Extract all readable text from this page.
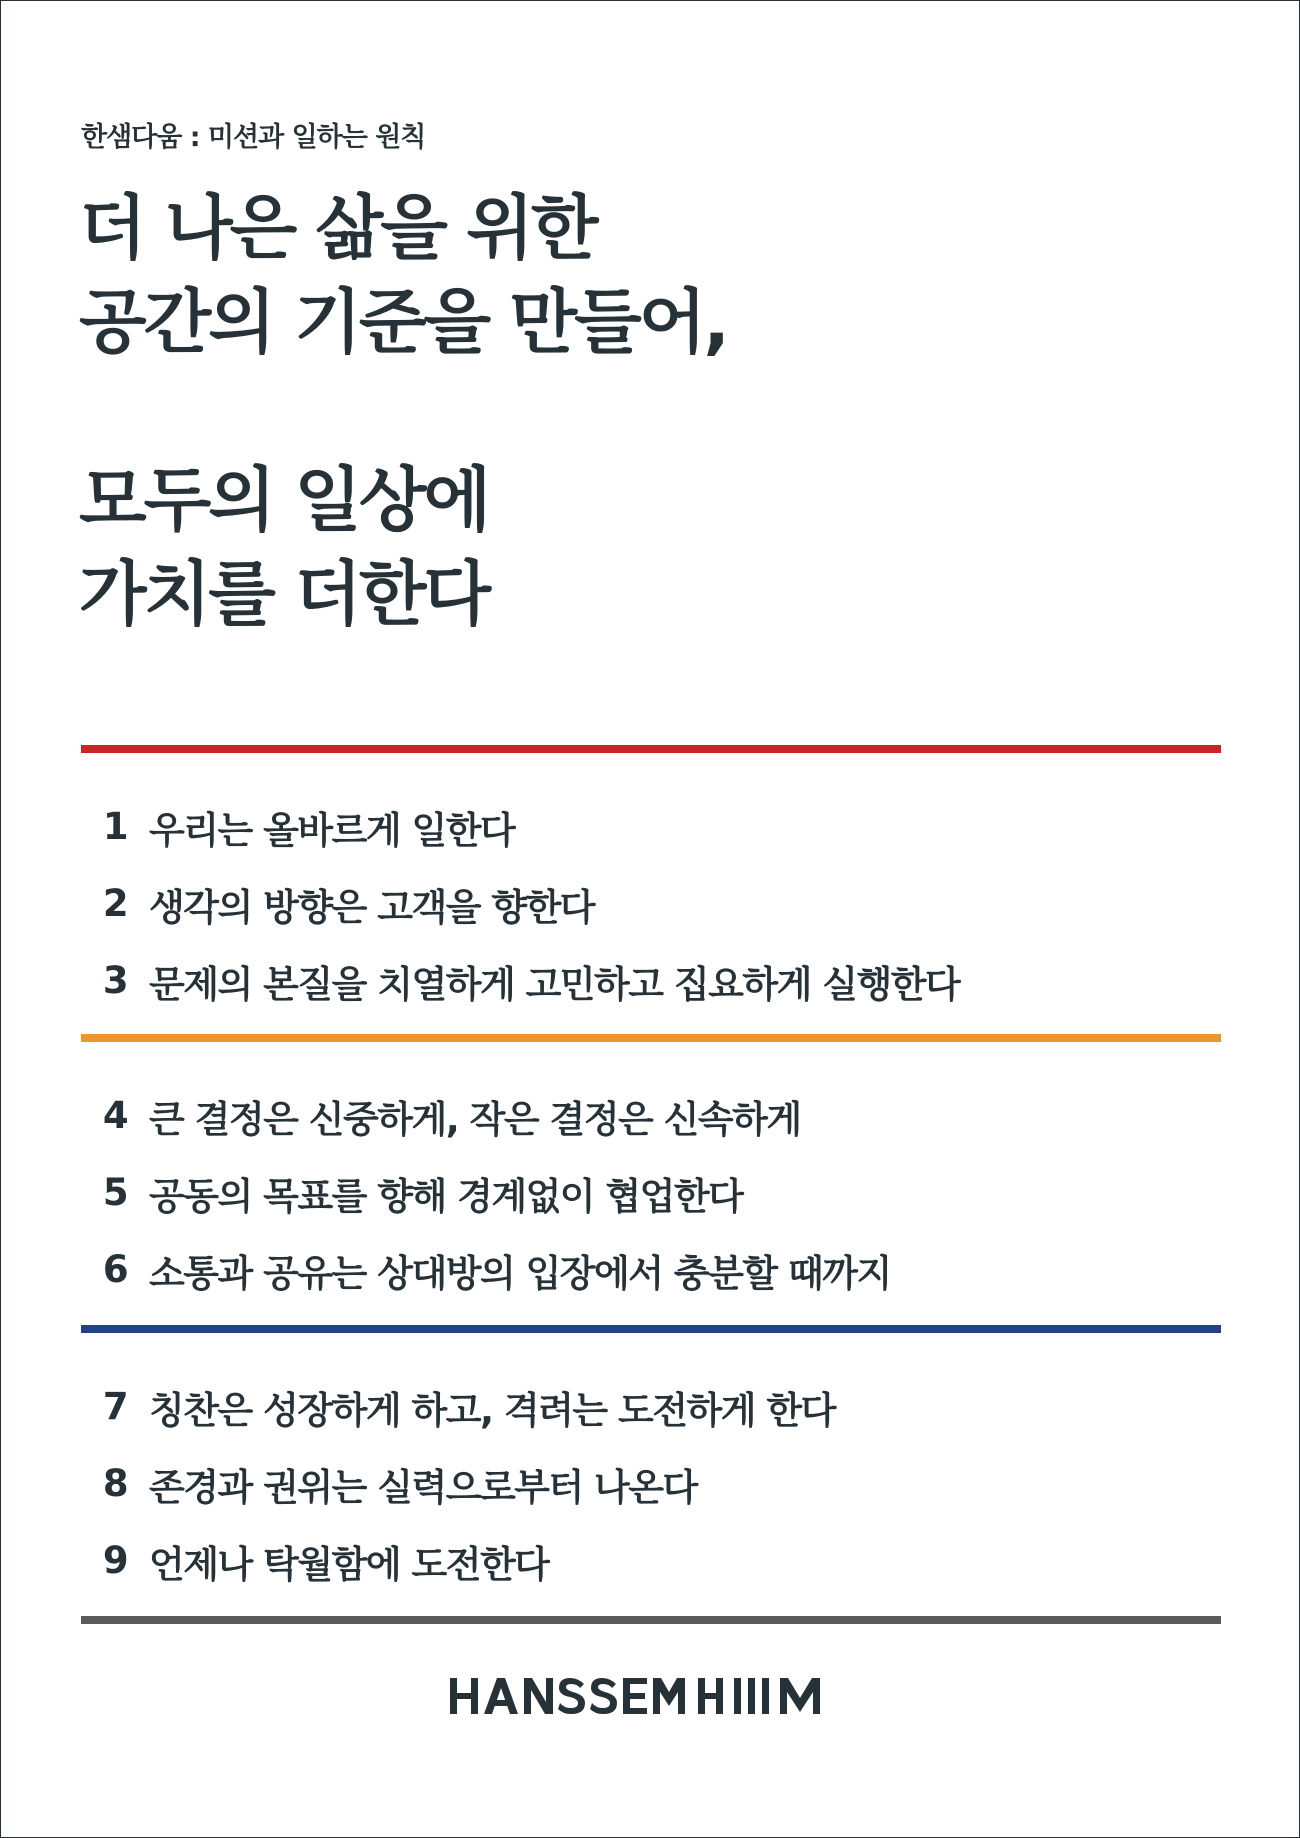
한샘다움 : 미션과 일하는 원칙
더 나은 삶을 위한
공간의 기준을 만들어,
모두의 일상에
가치를 더한다
1 우리는 올바르게 일한다
2 생각의 방향은 고객을 향한다
3 문제의 본질을 치열하게 고민하고 집요하게 실행한다
4 큰 결정은 신중하게, 작은 결정은 신속하게
5 공동의 목표를 향해 경계없이 협업한다
6 소통과 공유는 상대방의 입장에서 충분할 때까지
7 칭찬은 성장하게 하고, 격려는 도전하게 한다
8 존경과 권위는 실력으로부터 나온다
9 언제나 탁월함에 도전한다
